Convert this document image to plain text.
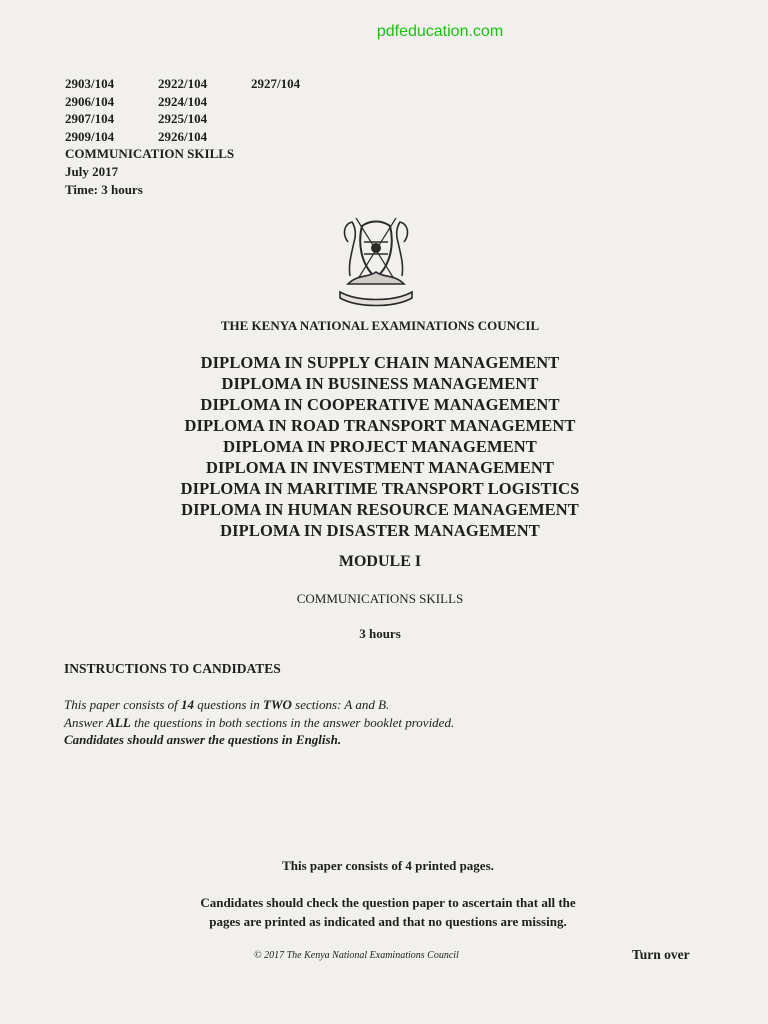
pdfeducation.com
2903/104	2922/104	2927/104
2906/104	2924/104
2907/104	2925/104
2909/104	2926/104
COMMUNICATION SKILLS
July 2017
Time: 3 hours
THE KENYA NATIONAL EXAMINATIONS COUNCIL
DIPLOMA IN SUPPLY CHAIN MANAGEMENT
DIPLOMA IN BUSINESS MANAGEMENT
DIPLOMA IN COOPERATIVE MANAGEMENT
DIPLOMA IN ROAD TRANSPORT MANAGEMENT
DIPLOMA IN PROJECT MANAGEMENT
DIPLOMA IN INVESTMENT MANAGEMENT
DIPLOMA IN MARITIME TRANSPORT LOGISTICS
DIPLOMA IN HUMAN RESOURCE MANAGEMENT
DIPLOMA IN DISASTER MANAGEMENT
MODULE I
COMMUNICATIONS SKILLS
3 hours
INSTRUCTIONS TO CANDIDATES
This paper consists of 14 questions in TWO sections: A and B.
Answer ALL the questions in both sections in the answer booklet provided.
Candidates should answer the questions in English.
This paper consists of 4 printed pages.
Candidates should check the question paper to ascertain that all the
pages are printed as indicated and that no questions are missing.
© 2017 The Kenya National Examinations Council	Turn over
